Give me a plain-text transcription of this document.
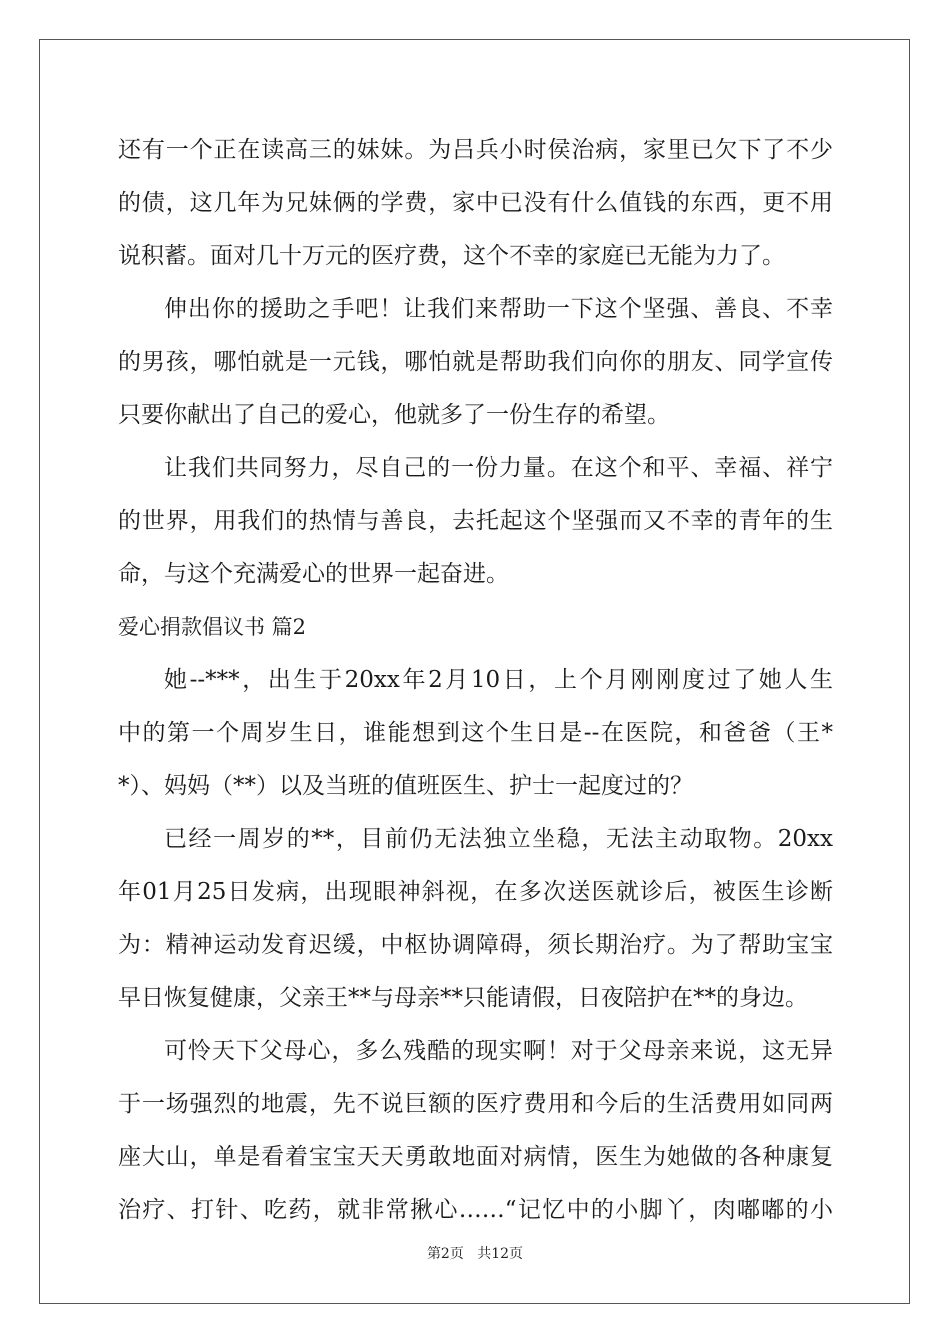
还有一个正在读高三的妹妹。为吕兵小时侯治病，家里已欠下了不少
的债，这几年为兄妹俩的学费，家中已没有什么值钱的东西，更不用
说积蓄。面对几十万元的医疗费，这个不幸的家庭已无能为力了。
伸出你的援助之手吧！让我们来帮助一下这个坚强、善良、不幸
的男孩，哪怕就是一元钱，哪怕就是帮助我们向你的朋友、同学宣传
只要你献出了自己的爱心，他就多了一份生存的希望。
让我们共同努力，尽自己的一份力量。在这个和平、幸福、祥宁
的世界，用我们的热情与善良，去托起这个坚强而又不幸的青年的生
命，与这个充满爱心的世界一起奋进。
爱心捐款倡议书 篇2
她--***，出生于20xx年2月10日，上个月刚刚度过了她人生
中的第一个周岁生日，谁能想到这个生日是--在医院，和爸爸（王*
*）、妈妈（**）以及当班的值班医生、护士一起度过的？
已经一周岁的**，目前仍无法独立坐稳，无法主动取物。20xx
年01月25日发病，出现眼神斜视，在多次送医就诊后，被医生诊断
为：精神运动发育迟缓，中枢协调障碍，须长期治疗。为了帮助宝宝
早日恢复健康，父亲王**与母亲**只能请假，日夜陪护在**的身边。
可怜天下父母心，多么残酷的现实啊！对于父母亲来说，这无异
于一场强烈的地震，先不说巨额的医疗费用和今后的生活费用如同两
座大山，单是看着宝宝天天勇敢地面对病情，医生为她做的各种康复
治疗、打针、吃药，就非常揪心……“记忆中的小脚丫，肉嘟嘟的小
第2页 共12页
